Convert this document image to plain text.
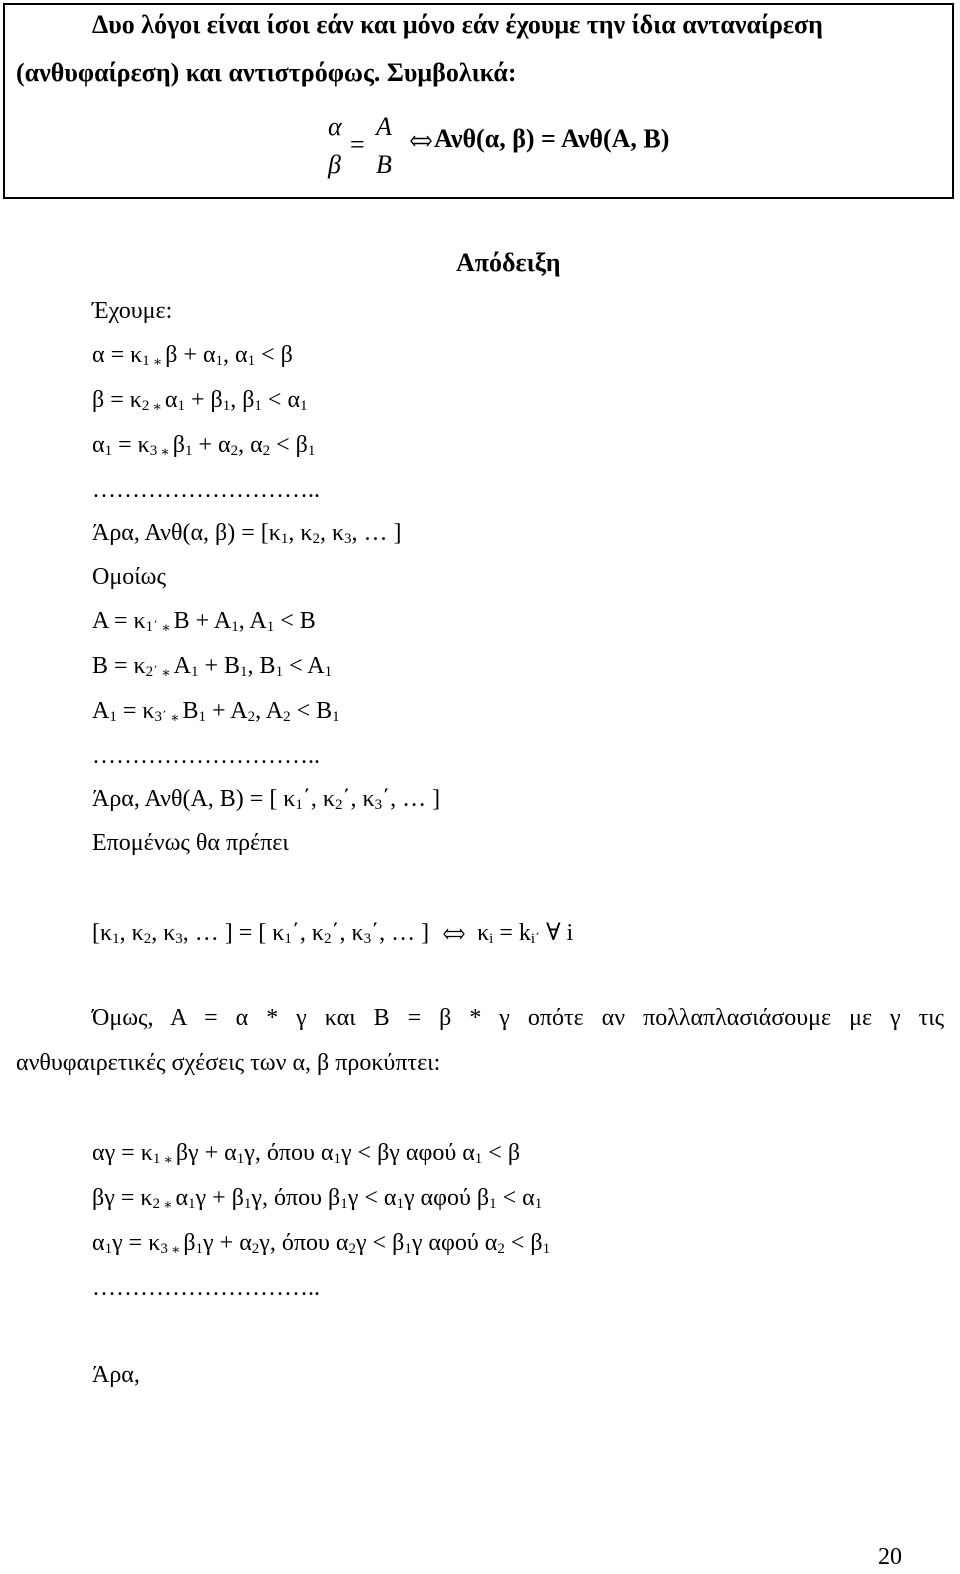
Δυο λόγοι είναι ίσοι εάν και μόνο εάν έχουμε την ίδια ανταναίρεση
(ανθυφαίρεση) και αντιστρόφως. Συμβολικά:
α
β
=
A
B
Ανθ(α, β) = Ανθ(Α, Β)
Απόδειξη
Έχουμε:
$\alpha = \kappa_1$ ∗ $\beta + \alpha_1$, $\alpha_1 < \beta$
$\beta = \kappa_2$ ∗ $\alpha_1 + \beta_1$, $\beta_1 < \alpha_1$
$\alpha_1 = \kappa_3$ ∗ $\beta_1 + \alpha_2$, $\alpha_2 < \beta_1$
………………………..
Άρα, Ανθ(α, $\beta) = [\kappa_1$, $\kappa_2$, $\kappa_3$, … ]
Ομοίως
$A = \kappa_{1΄}$ ∗ $B + A_1$, $A_1 < B$
$B = \kappa_{2΄}$ ∗ $A_1 + B_1$, $B_1 < A_1$
$A_1 = \kappa_{3΄}$ ∗ $B_1 + A_2$, $A_2 < B_1$
………………………..
Άρα, Ανθ(Α, Β) = [ $\kappa_1΄$, $\kappa_2΄$, $\kappa_3΄$, … ]
Επομένως θα πρέπει
[$\kappa_1$, $\kappa_2$, $\kappa_3$, … ] = [ $\kappa_1΄$, $\kappa_2΄$, $\kappa_3΄$, … ] $\kappa_i = k_{i΄}$ ∀ i
Όμως, Α = α * γ και Β = β * γ οπότε αν πολλαπλασιάσουμε με γ τις
ανθυφαιρετικές σχέσεις των α, β προκύπτει:
$\alpha\gamma = \kappa_1$ ∗ $\beta\gamma + \alpha_1\gamma$, όπου $\alpha_1\gamma < \beta\gamma$ αφού $\alpha_1 < \beta$
$\beta\gamma = \kappa_2$ ∗ $\alpha_1\gamma + \beta_1\gamma$, όπου $\beta_1\gamma < \alpha_1\gamma$ αφού $\beta_1 < \alpha_1$
$\alpha_1\gamma = \kappa_3$ ∗ $\beta_1\gamma + \alpha_2\gamma$, όπου $\alpha_2\gamma < \beta_1\gamma$ αφού $\alpha_2 < \beta_1$
………………………..
Άρα,
20
